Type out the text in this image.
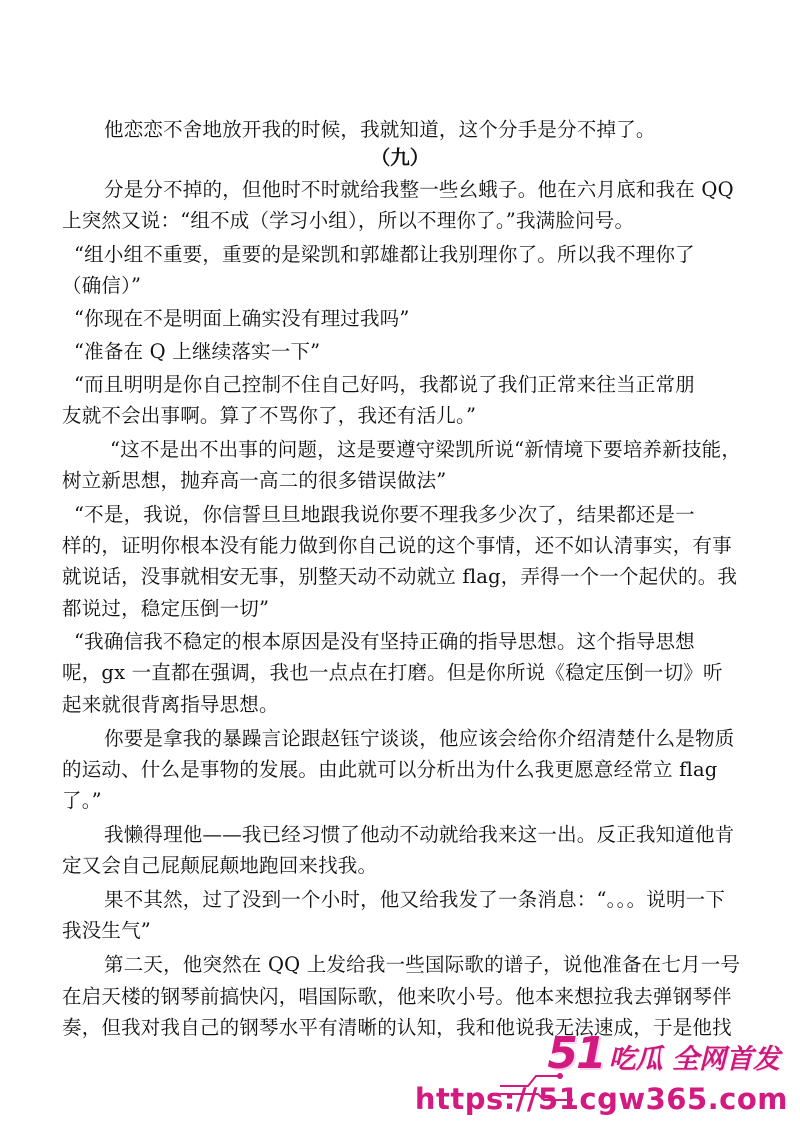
他恋恋不舍地放开我的时候，我就知道，这个分手是分不掉了。
（九）
分是分不掉的，但他时不时就给我整一些幺蛾子。他在六月底和我在 QQ
上突然又说：“组不成（学习小组），所以不理你了。”我满脸问号。
“组小组不重要，重要的是梁凯和郭雄都让我别理你了。所以我不理你了
（确信）”
“你现在不是明面上确实没有理过我吗”
“准备在 Q 上继续落实一下”
“而且明明是你自己控制不住自己好吗，我都说了我们正常来往当正常朋
友就不会出事啊。算了不骂你了，我还有活儿。”
“这不是出不出事的问题，这是要遵守梁凯所说“新情境下要培养新技能，
树立新思想，抛弃高一高二的很多错误做法”
“不是，我说，你信誓旦旦地跟我说你要不理我多少次了，结果都还是一
样的，证明你根本没有能力做到你自己说的这个事情，还不如认清事实，有事
就说话，没事就相安无事，别整天动不动就立 flag，弄得一个一个起伏的。我
都说过，稳定压倒一切”
“我确信我不稳定的根本原因是没有坚持正确的指导思想。这个指导思想
呢，gx 一直都在强调，我也一点点在打磨。但是你所说《稳定压倒一切》听
起来就很背离指导思想。
你要是拿我的暴躁言论跟赵钰宁谈谈，他应该会给你介绍清楚什么是物质
的运动、什么是事物的发展。由此就可以分析出为什么我更愿意经常立 flag
了。”
我懒得理他——我已经习惯了他动不动就给我来这一出。反正我知道他肯
定又会自己屁颠屁颠地跑回来找我。
果不其然，过了没到一个小时，他又给我发了一条消息：“。。。说明一下
我没生气”
第二天，他突然在 QQ 上发给我一些国际歌的谱子，说他准备在七月一号
在启天楼的钢琴前搞快闪，唱国际歌，他来吹小号。他本来想拉我去弹钢琴伴
奏，但我对我自己的钢琴水平有清晰的认知，我和他说我无法速成，于是他找
51 吃瓜 全网首发
https://51cgw365.com
